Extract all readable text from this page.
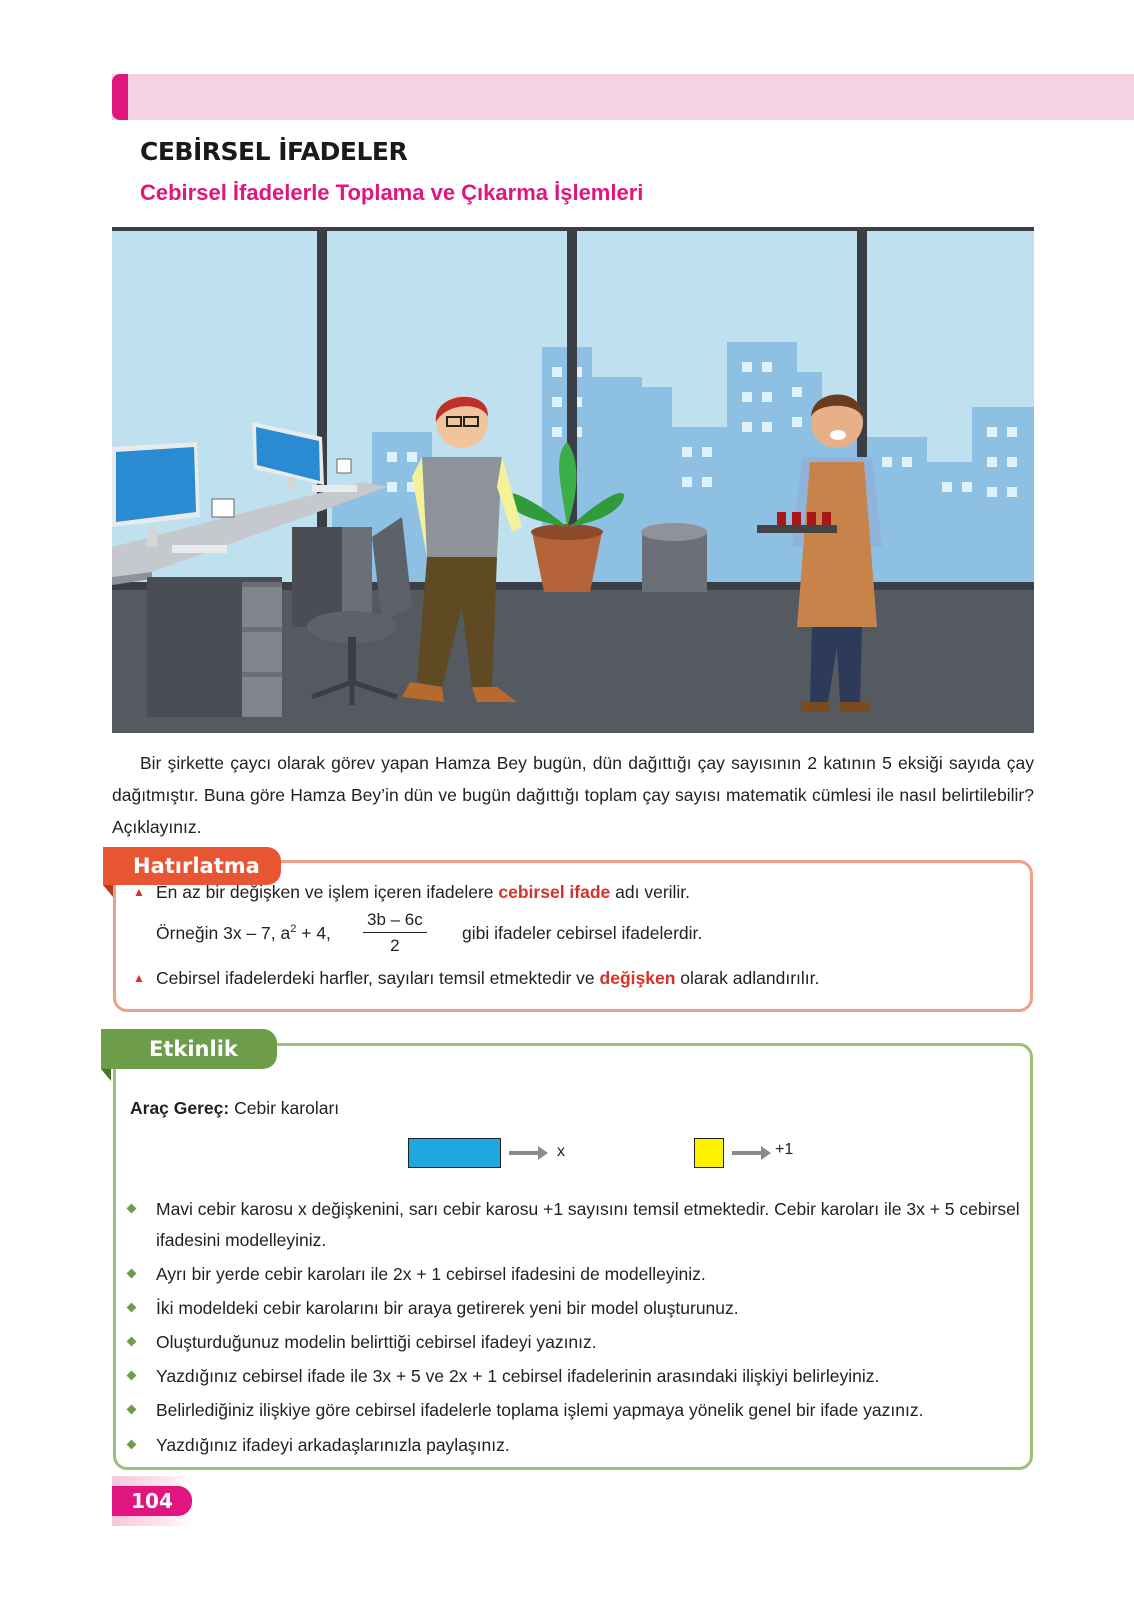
CEBİRSEL İFADELER
Cebirsel İfadelerle Toplama ve Çıkarma İşlemleri
Bir şirkette çaycı olarak görev yapan Hamza Bey bugün, dün dağıttığı çay sayısının 2 katının 5 eksiği sayıda çay dağıtmıştır. Buna göre Hamza Bey’in dün ve bugün dağıttığı toplam çay sayısı matematik cümlesi ile nasıl belirtilebilir? Açıklayınız.
Hatırlatma
▲ En az bir değişken ve işlem içeren ifadelere cebirsel ifade adı verilir.
Örneğin 3x – 7, $a^2 + 4$, $\frac{3b - 6c}{2}$ gibi ifadeler cebirsel ifadelerdir.
▲ Cebirsel ifadelerdeki harfler, sayıları temsil etmektedir ve değişken olarak adlandırılır.
Etkinlik
Araç Gereç: Cebir karoları
x	+1
Mavi cebir karosu x değişkenini, sarı cebir karosu +1 sayısını temsil etmektedir. Cebir karoları ile 3x + 5 cebirsel ifadesini modelleyiniz.
Ayrı bir yerde cebir karoları ile 2x + 1 cebirsel ifadesini de modelleyiniz.
İki modeldeki cebir karolarını bir araya getirerek yeni bir model oluşturunuz.
Oluşturduğunuz modelin belirttiği cebirsel ifadeyi yazınız.
Yazdığınız cebirsel ifade ile 3x + 5 ve 2x + 1 cebirsel ifadelerinin arasındaki ilişkiyi belirleyiniz.
Belirlediğiniz ilişkiye göre cebirsel ifadelerle toplama işlemi yapmaya yönelik genel bir ifade yazınız.
Yazdığınız ifadeyi arkadaşlarınızla paylaşınız.
104
